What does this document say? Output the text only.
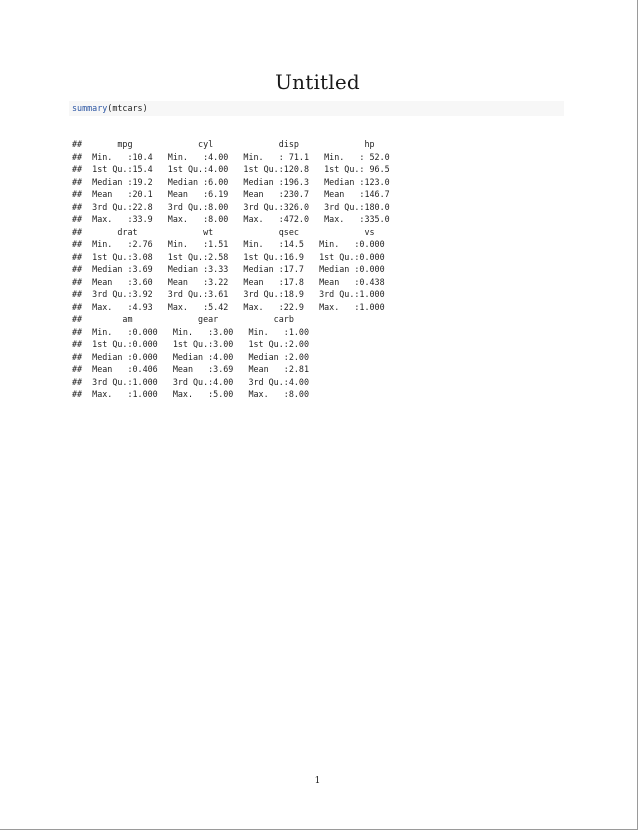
Untitled
summary(mtcars)
##       mpg             cyl             disp             hp
##  Min.   :10.4   Min.   :4.00   Min.   : 71.1   Min.   : 52.0
##  1st Qu.:15.4   1st Qu.:4.00   1st Qu.:120.8   1st Qu.: 96.5
##  Median :19.2   Median :6.00   Median :196.3   Median :123.0
##  Mean   :20.1   Mean   :6.19   Mean   :230.7   Mean   :146.7
##  3rd Qu.:22.8   3rd Qu.:8.00   3rd Qu.:326.0   3rd Qu.:180.0
##  Max.   :33.9   Max.   :8.00   Max.   :472.0   Max.   :335.0
##       drat             wt             qsec             vs
##  Min.   :2.76   Min.   :1.51   Min.   :14.5   Min.   :0.000
##  1st Qu.:3.08   1st Qu.:2.58   1st Qu.:16.9   1st Qu.:0.000
##  Median :3.69   Median :3.33   Median :17.7   Median :0.000
##  Mean   :3.60   Mean   :3.22   Mean   :17.8   Mean   :0.438
##  3rd Qu.:3.92   3rd Qu.:3.61   3rd Qu.:18.9   3rd Qu.:1.000
##  Max.   :4.93   Max.   :5.42   Max.   :22.9   Max.   :1.000
##        am             gear           carb
##  Min.   :0.000   Min.   :3.00   Min.   :1.00
##  1st Qu.:0.000   1st Qu.:3.00   1st Qu.:2.00
##  Median :0.000   Median :4.00   Median :2.00
##  Mean   :0.406   Mean   :3.69   Mean   :2.81
##  3rd Qu.:1.000   3rd Qu.:4.00   3rd Qu.:4.00
##  Max.   :1.000   Max.   :5.00   Max.   :8.00
1
